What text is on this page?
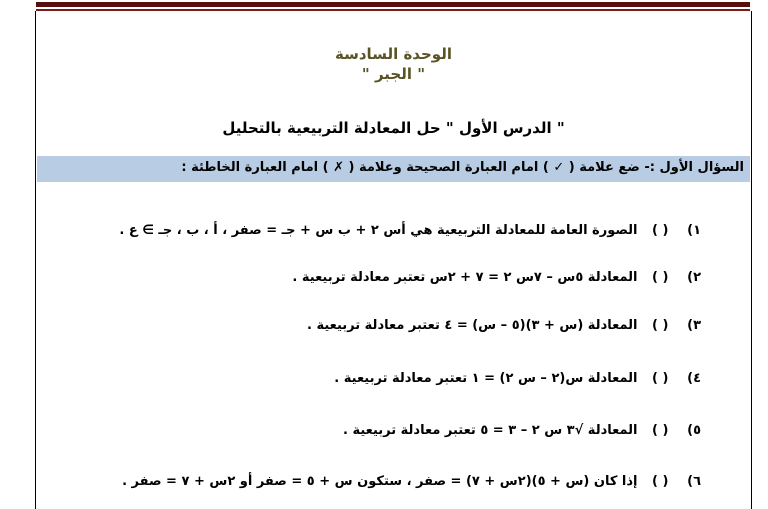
الوحدة السادسة
" الجبر "
الدرس الأول " حل المعادلة التربيعية بالتحليل "
السؤال الأول :- ضع علامة ( ✓ ) امام العبارة الصحيحة وعلامة ( ✗ ) امام العبارة الخاطئة :
١) ( ) الصورة العامة للمعادلة التربيعية هي أس ٢ + ب س + جـ = صفر ، أ ، ب ، جـ ∋ ع .
٢) ( ) المعادلة ٥س – ٧س ٢ = ٧ + ٢س تعتبر معادلة تربيعية .
٣) ( ) المعادلة (س + ٣)(٥ – س) = ٤ تعتبر معادلة تربيعية .
٤) ( ) المعادلة س(٢ – س ٢) = ١ تعتبر معادلة تربيعية .
٥) ( ) المعادلة √٣ س ٢ – ٣ = ٥ تعتبر معادلة تربيعية .
٦) ( ) إذا كان (س + ٥)(٢س + ٧) = صفر ، ستكون س + ٥ = صفر أو ٢س + ٧ = صفر .
